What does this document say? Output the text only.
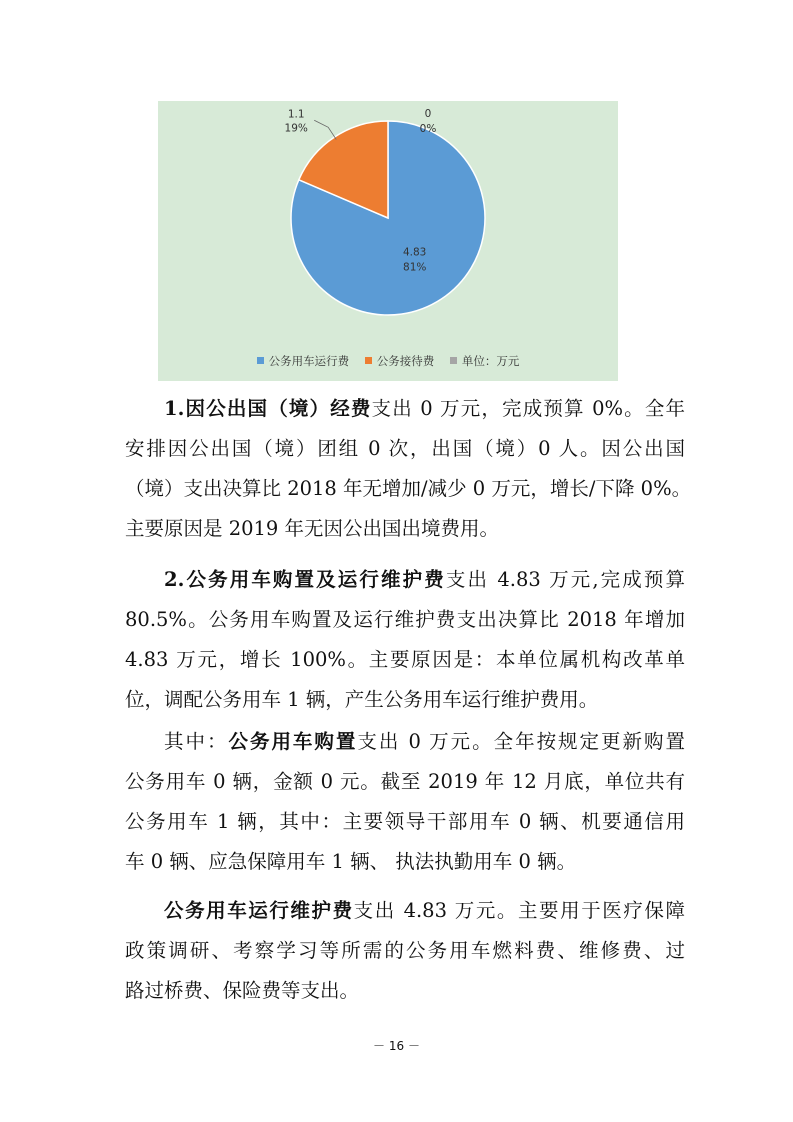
4.83
81%
1.1
19%
0
0%
公务用车运行费 公务接待费 单位：万元
1.因公出国（境）经费支出 0 万元，完成预算 0%。全年
安排因公出国（境）团组 0 次，出国（境）0 人。因公出国
（境）支出决算比 2018 年无增加/减少 0 万元，增长/下降 0%。
主要原因是 2019 年无因公出国出境费用。
2.公务用车购置及运行维护费支出 4.83 万元,完成预算
80.5%。公务用车购置及运行维护费支出决算比 2018 年增加
4.83 万元，增长 100%。主要原因是：本单位属机构改革单
位，调配公务用车 1 辆，产生公务用车运行维护费用。
其中：公务用车购置支出 0 万元。全年按规定更新购置
公务用车 0 辆，金额 0 元。截至 2019 年 12 月底，单位共有
公务用车 1 辆，其中：主要领导干部用车 0 辆、机要通信用
车 0 辆、应急保障用车 1 辆、 执法执勤用车 0 辆。
公务用车运行维护费支出 4.83 万元。主要用于医疗保障
政策调研、考察学习等所需的公务用车燃料费、维修费、过
路过桥费、保险费等支出。
－ 16 －
